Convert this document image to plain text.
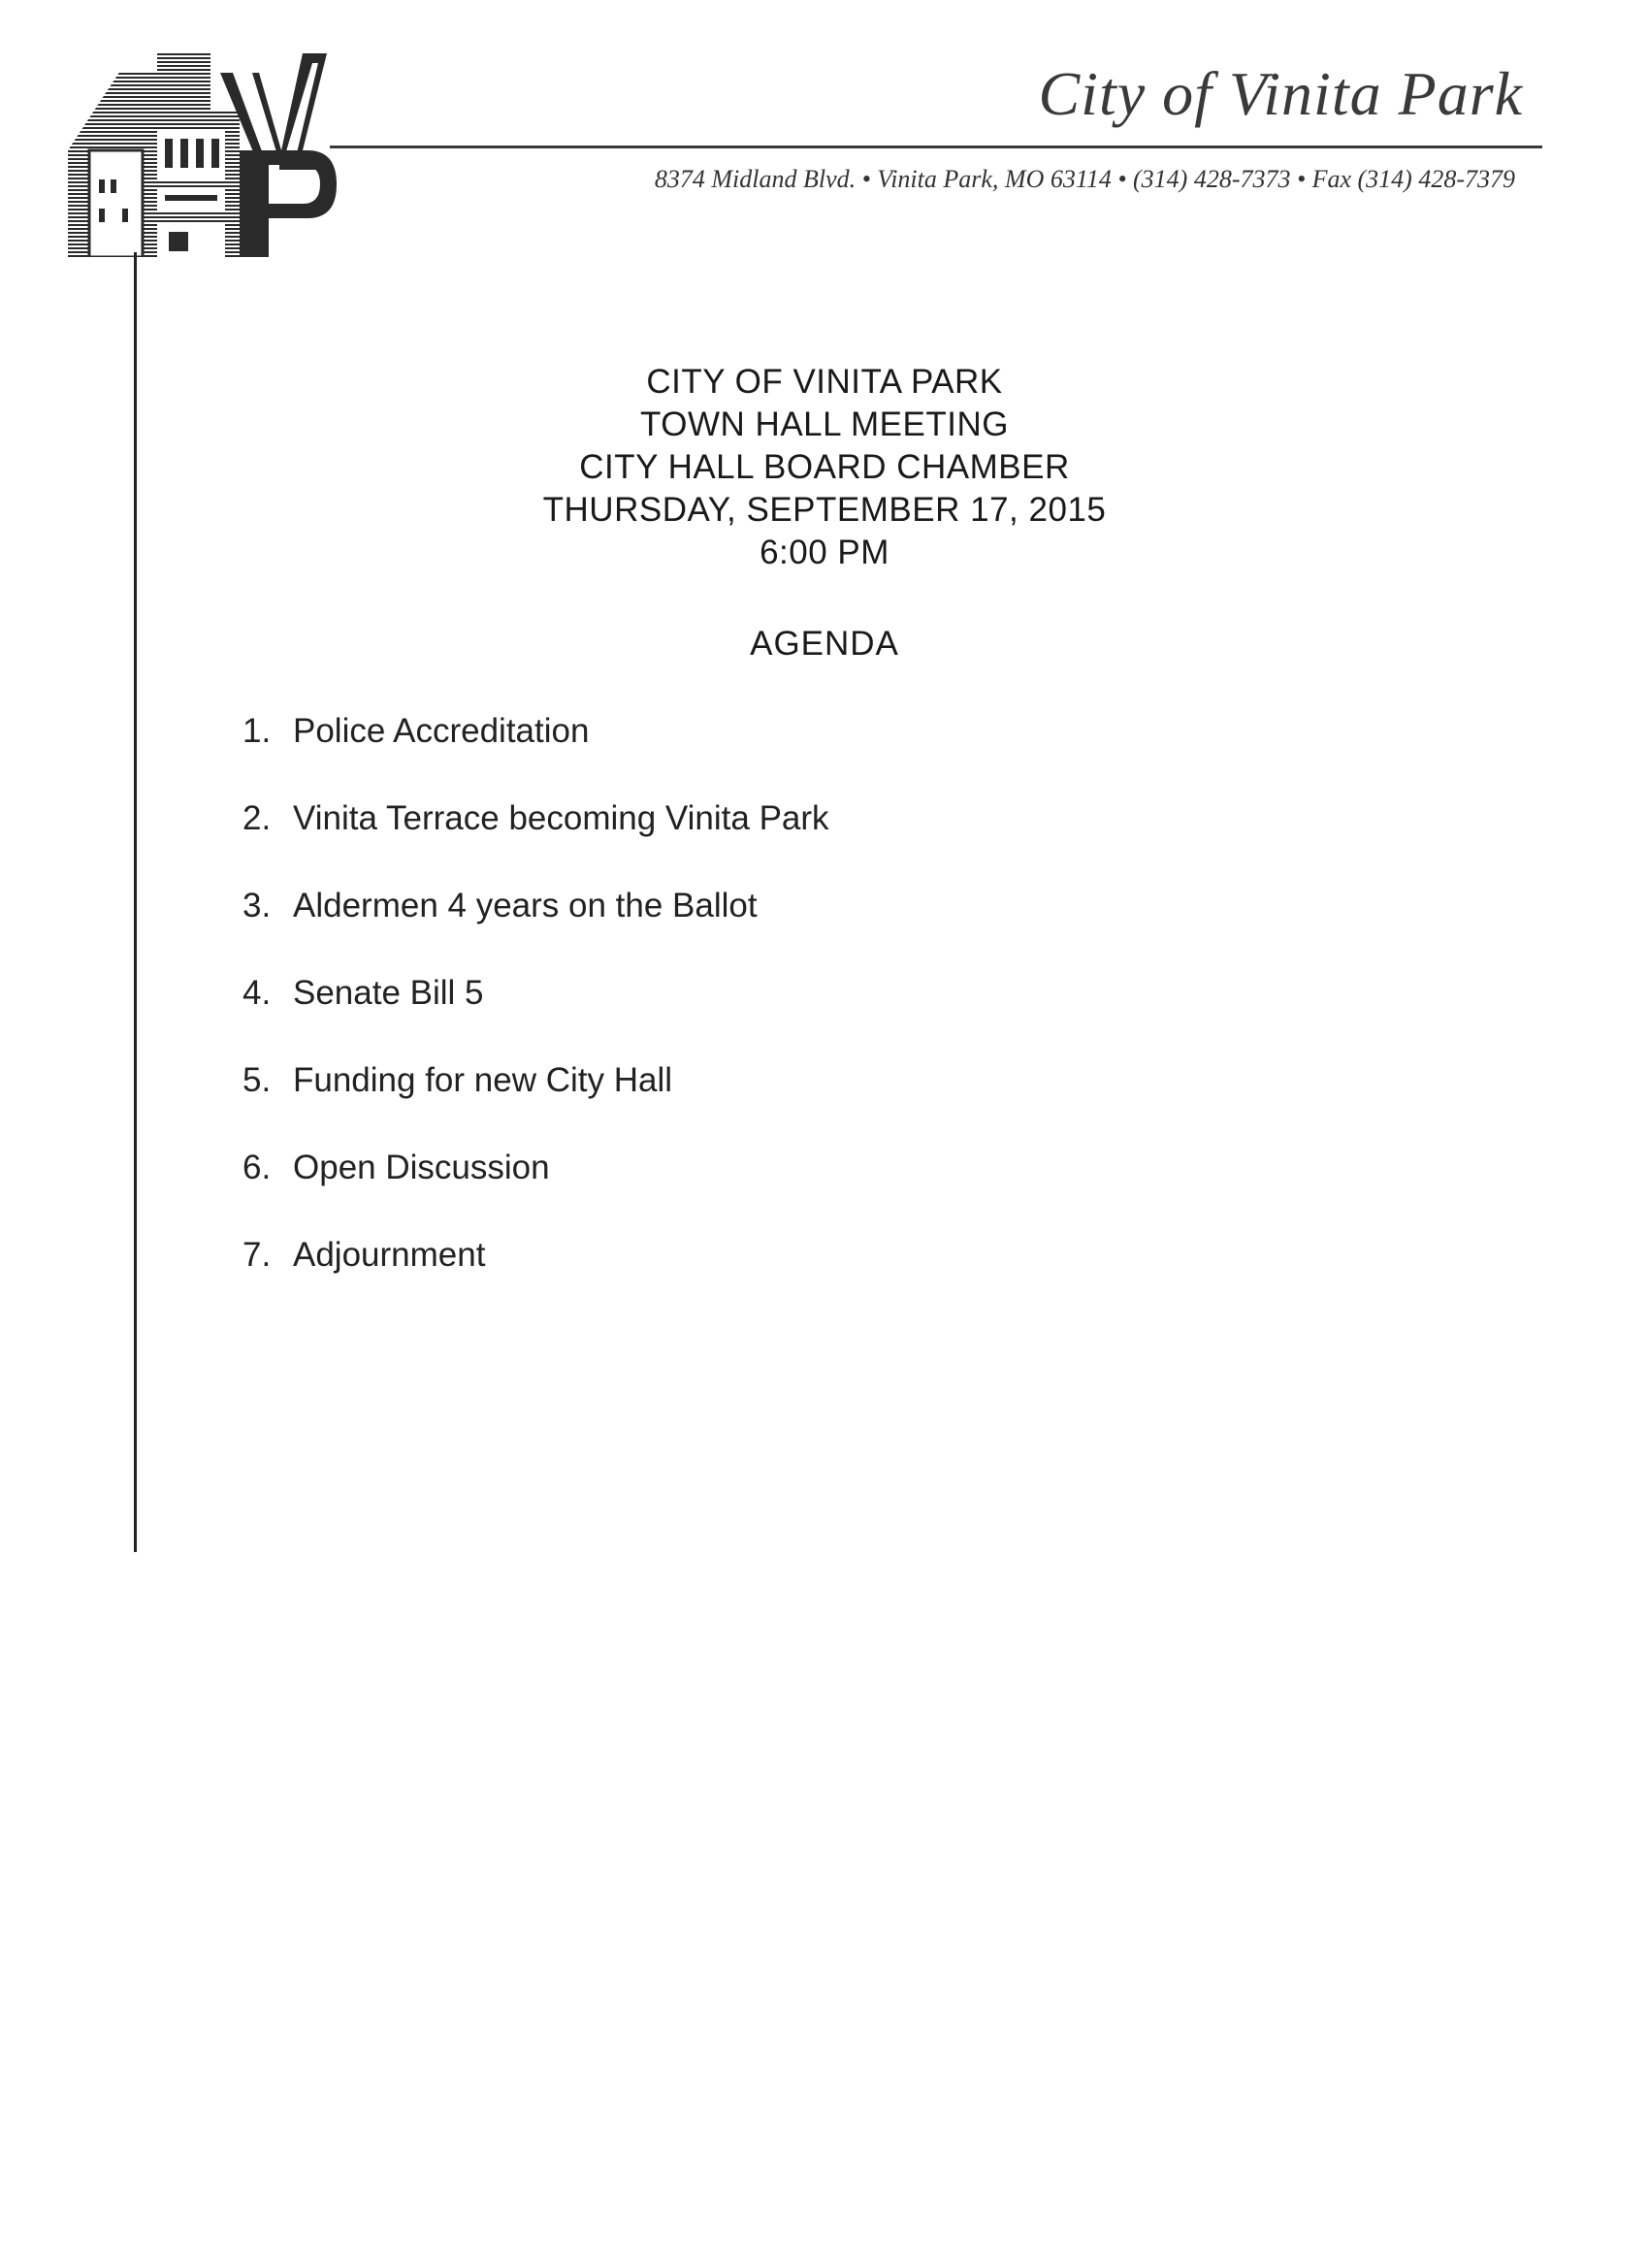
City of Vinita Park
8374 Midland Blvd. • Vinita Park, MO 63114 • (314) 428-7373 • Fax (314) 428-7379
CITY OF VINITA PARK
TOWN HALL MEETING
CITY HALL BOARD CHAMBER
THURSDAY, SEPTEMBER 17, 2015
6:00 PM
AGENDA
1. Police Accreditation
2. Vinita Terrace becoming Vinita Park
3. Aldermen 4 years on the Ballot
4. Senate Bill 5
5. Funding for new City Hall
6. Open Discussion
7. Adjournment
